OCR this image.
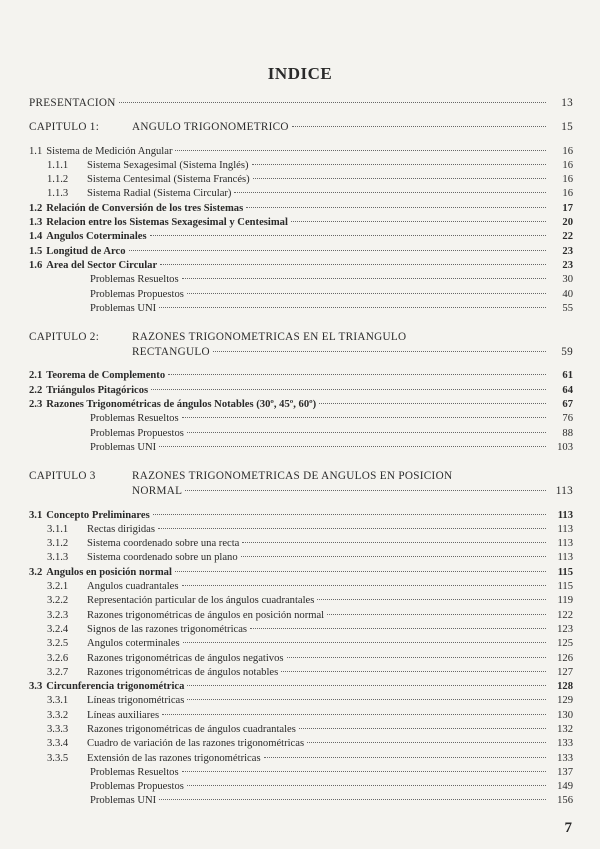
INDICE
PRESENTACION	13
CAPITULO 1:	ANGULO TRIGONOMETRICO	15
1.1 Sistema de Medición Angular	16
1.1.1	Sistema Sexagesimal (Sistema Inglés)	16
1.1.2	Sistema Centesimal (Sistema Francés)	16
1.1.3	Sistema Radial (Sistema Circular)	16
1.2 Relación de Conversión de los tres Sistemas	17
1.3 Relacion entre los Sistemas Sexagesimal y Centesimal	20
1.4 Angulos Coterminales	22
1.5 Longitud de Arco	23
1.6 Area del Sector Circular	23
Problemas Resueltos	30
Problemas Propuestos	40
Problemas UNI	55
CAPITULO 2:	RAZONES TRIGONOMETRICAS EN EL TRIANGULO
RECTANGULO	59
2.1 Teorema de Complemento	61
2.2 Triángulos Pitagóricos	64
2.3 Razones Trigonométricas de ángulos Notables (30º, 45º, 60º)	67
Problemas Resueltos	76
Problemas Propuestos	88
Problemas UNI	103
CAPITULO 3	RAZONES TRIGONOMETRICAS DE ANGULOS EN POSICION
NORMAL	113
3.1 Concepto Preliminares	113
3.1.1	Rectas dirigidas	113
3.1.2	Sistema coordenado sobre una recta	113
3.1.3	Sistema coordenado sobre un plano	113
3.2 Angulos en posición normal	115
3.2.1	Angulos cuadrantales	115
3.2.2	Representación particular de los ángulos cuadrantales	119
3.2.3	Razones trigonométricas de ángulos en posición normal	122
3.2.4	Signos de las razones trigonométricas	123
3.2.5	Angulos coterminales	125
3.2.6	Razones trigonométricas de ángulos negativos	126
3.2.7	Razones trigonométricas de ángulos notables	127
3.3 Circunferencia trigonométrica	128
3.3.1	Líneas trigonométricas	129
3.3.2	Líneas auxiliares	130
3.3.3	Razones trigonométricas de ángulos cuadrantales	132
3.3.4	Cuadro de variación de las razones trigonométricas	133
3.3.5	Extensión de las razones trigonométricas	133
Problemas Resueltos	137
Problemas Propuestos	149
Problemas UNI	156
7
